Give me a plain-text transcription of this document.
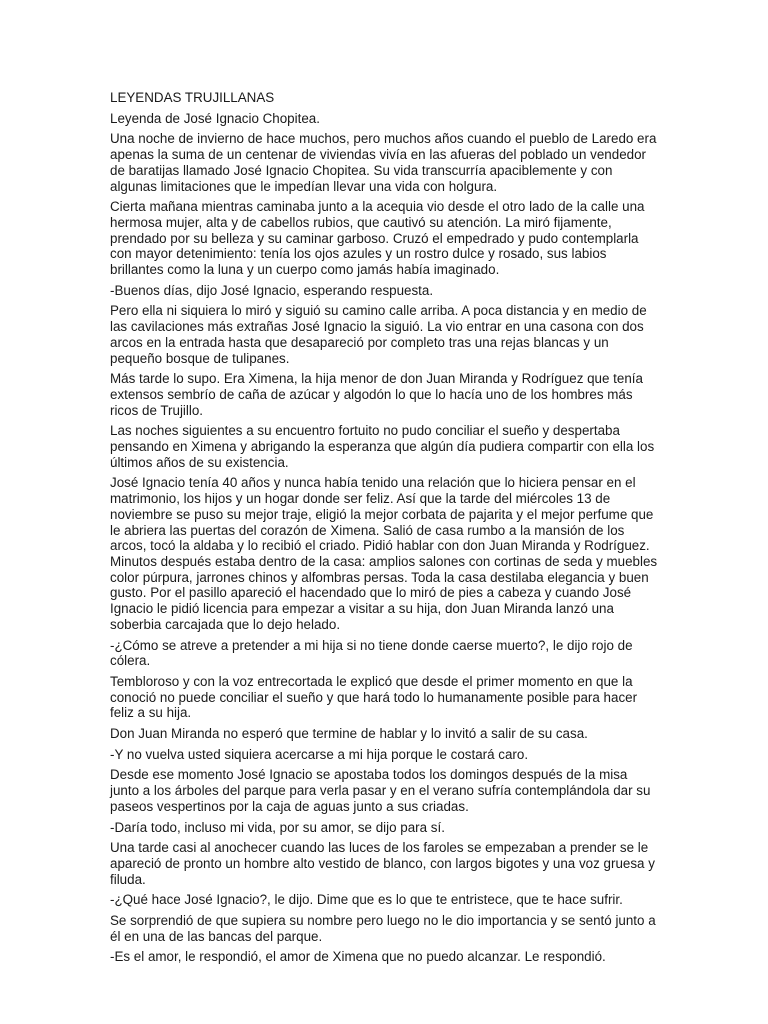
LEYENDAS TRUJILLANAS

Leyenda de José Ignacio Chopitea.

Una noche de invierno de hace muchos, pero muchos años cuando el pueblo de Laredo era apenas la suma de un centenar de viviendas vivía en las afueras del poblado un vendedor de baratijas llamado José Ignacio Chopitea. Su vida transcurría apaciblemente y con algunas limitaciones que le impedían llevar una vida con holgura.

Cierta mañana mientras caminaba junto a la acequia vio desde el otro lado de la calle una hermosa mujer, alta y de cabellos rubios, que cautivó su atención. La miró fijamente, prendado por su belleza y su caminar garboso. Cruzó el empedrado y pudo contemplarla con mayor detenimiento: tenía los ojos azules y un rostro dulce y rosado, sus labios brillantes como la luna y un cuerpo como jamás había imaginado.

-Buenos días, dijo José Ignacio, esperando respuesta.

Pero ella ni siquiera lo miró y siguió su camino calle arriba. A poca distancia y en medio de las cavilaciones más extrañas José Ignacio la siguió. La vio entrar en una casona con dos arcos en la entrada hasta que desapareció por completo tras una rejas blancas y un pequeño bosque de tulipanes.

Más tarde lo supo. Era Ximena, la hija menor de don Juan Miranda y Rodríguez que tenía extensos sembrío de caña de azúcar y algodón lo que lo hacía uno de los hombres más ricos de Trujillo.

Las noches siguientes a su encuentro fortuito no pudo conciliar el sueño y despertaba pensando en Ximena y abrigando la esperanza que algún día pudiera compartir con ella los últimos años de su existencia.

José Ignacio tenía 40 años y nunca había tenido una relación que lo hiciera pensar en el matrimonio, los hijos y un hogar donde ser feliz. Así que la tarde del miércoles 13 de noviembre se puso su mejor traje, eligió la mejor corbata de pajarita y el mejor perfume que le abriera las puertas del corazón de Ximena. Salió de casa rumbo a la mansión de los arcos, tocó la aldaba y lo recibió el criado. Pidió hablar con don Juan Miranda y Rodríguez. Minutos después estaba dentro de la casa: amplios salones con cortinas de seda y muebles color púrpura, jarrones chinos y alfombras persas. Toda la casa destilaba elegancia y buen gusto. Por el pasillo apareció el hacendado que lo miró de pies a cabeza y cuando José Ignacio le pidió licencia para empezar a visitar a su hija, don Juan Miranda lanzó una soberbia carcajada que lo dejo helado.

-¿Cómo se atreve a pretender a mi hija si no tiene donde caerse muerto?, le dijo rojo de cólera.

Tembloroso y con la voz entrecortada le explicó que desde el primer momento en que la conoció no puede conciliar el sueño y que hará todo lo humanamente posible para hacer feliz a su hija.

Don Juan Miranda no esperó que termine de hablar y lo invitó a salir de su casa.

-Y no vuelva usted siquiera acercarse a mi hija porque le costará caro.

Desde ese momento José Ignacio se apostaba todos los domingos después de la misa junto a los árboles del parque para verla pasar y en el verano sufría contemplándola dar su paseos vespertinos por la caja de aguas junto a sus criadas.

-Daría todo, incluso mi vida, por su amor, se dijo para sí.

Una tarde casi al anochecer cuando las luces de los faroles se empezaban a prender se le apareció de pronto un hombre alto vestido de blanco, con largos bigotes y una voz gruesa y filuda.

-¿Qué hace José Ignacio?, le dijo. Dime que es lo que te entristece, que te hace sufrir.

Se sorprendió de que supiera su nombre pero luego no le dio importancia y se sentó junto a él en una de las bancas del parque.

-Es el amor, le respondió, el amor de Ximena que no puedo alcanzar. Le respondió.
